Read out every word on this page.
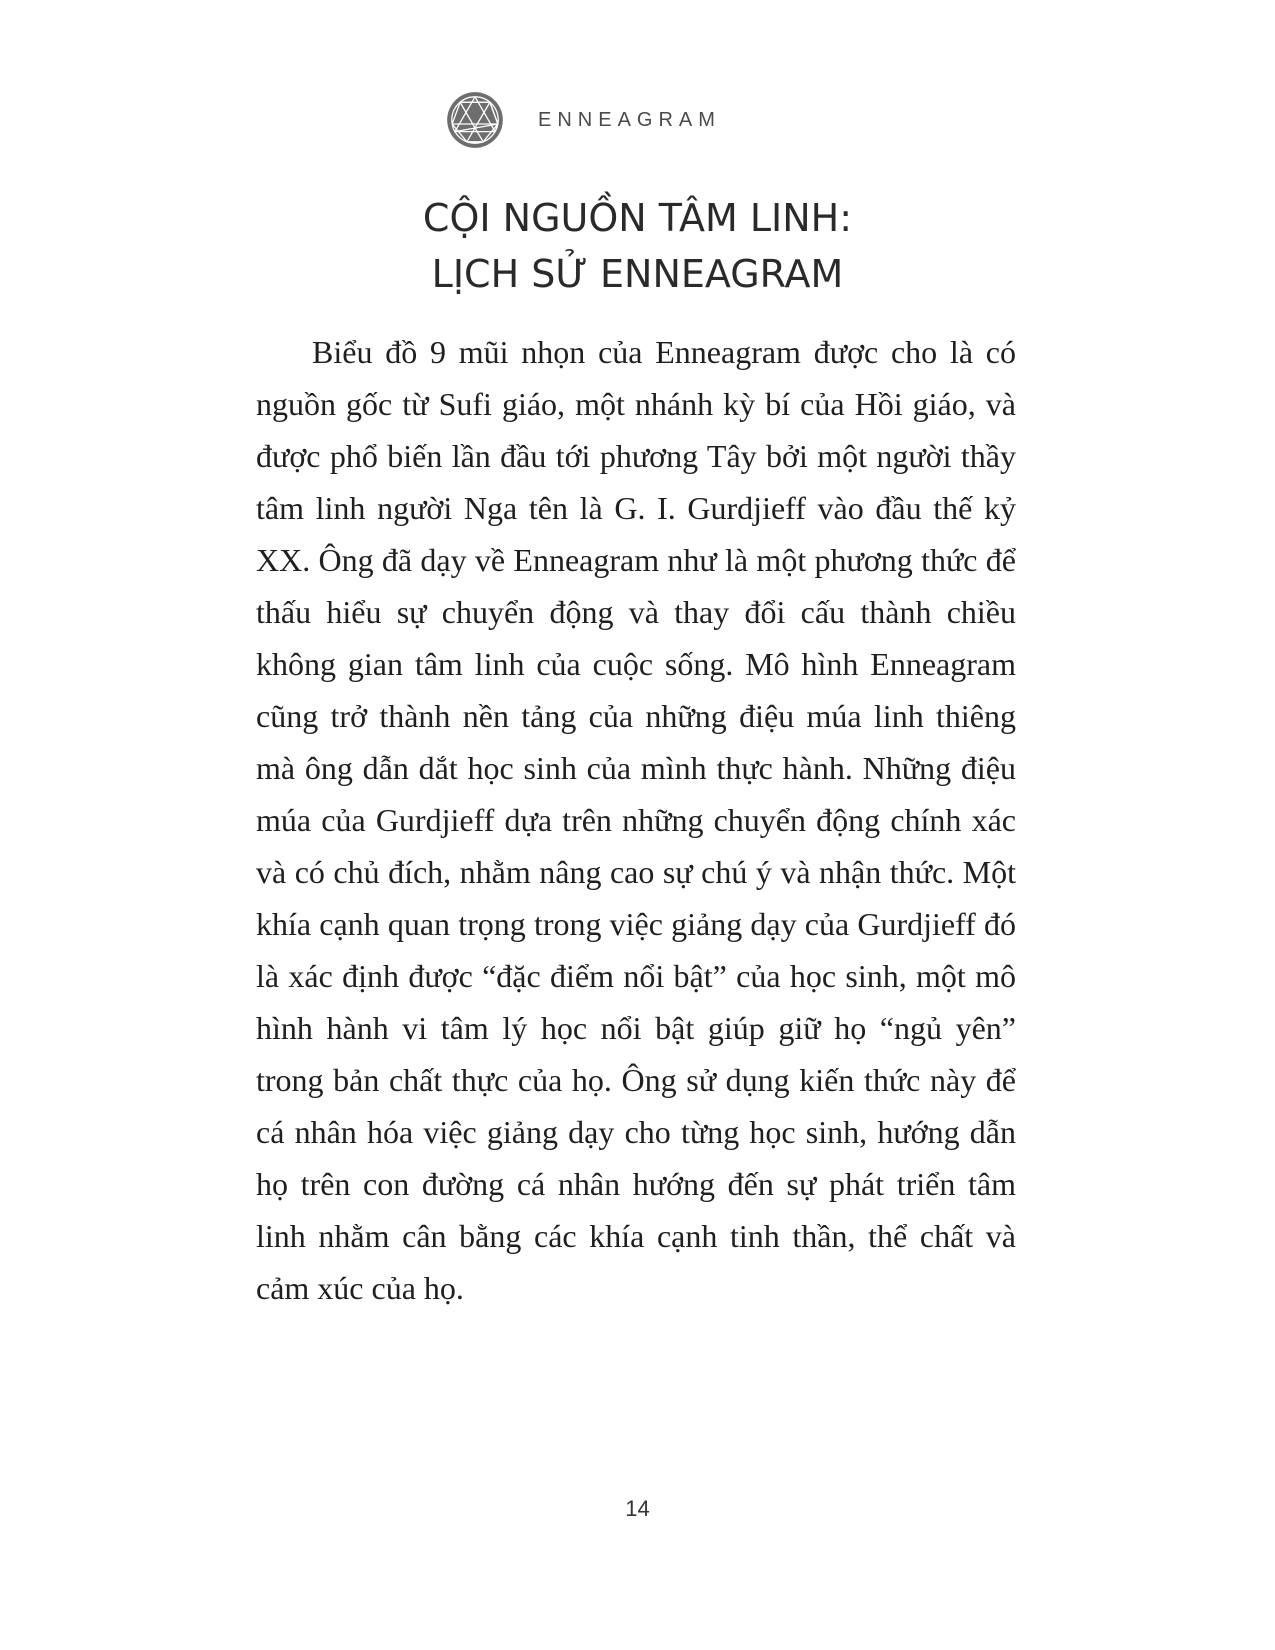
ENNEAGRAM
CỘI NGUỒN TÂM LINH:
LỊCH SỬ ENNEAGRAM

Biểu đồ 9 mũi nhọn của Enneagram được cho là có nguồn gốc từ Sufi giáo, một nhánh kỳ bí của Hồi giáo, và được phổ biến lần đầu tới phương Tây bởi một người thầy tâm linh người Nga tên là G. I. Gurdjieff vào đầu thế kỷ XX. Ông đã dạy về Enneagram như là một phương thức để thấu hiểu sự chuyển động và thay đổi cấu thành chiều không gian tâm linh của cuộc sống. Mô hình Enneagram cũng trở thành nền tảng của những điệu múa linh thiêng mà ông dẫn dắt học sinh của mình thực hành. Những điệu múa của Gurdjieff dựa trên những chuyển động chính xác và có chủ đích, nhằm nâng cao sự chú ý và nhận thức. Một khía cạnh quan trọng trong việc giảng dạy của Gurdjieff đó là xác định được “đặc điểm nổi bật” của học sinh, một mô hình hành vi tâm lý học nổi bật giúp giữ họ “ngủ yên” trong bản chất thực của họ. Ông sử dụng kiến thức này để cá nhân hóa việc giảng dạy cho từng học sinh, hướng dẫn họ trên con đường cá nhân hướng đến sự phát triển tâm linh nhằm cân bằng các khía cạnh tinh thần, thể chất và cảm xúc của họ.

14
